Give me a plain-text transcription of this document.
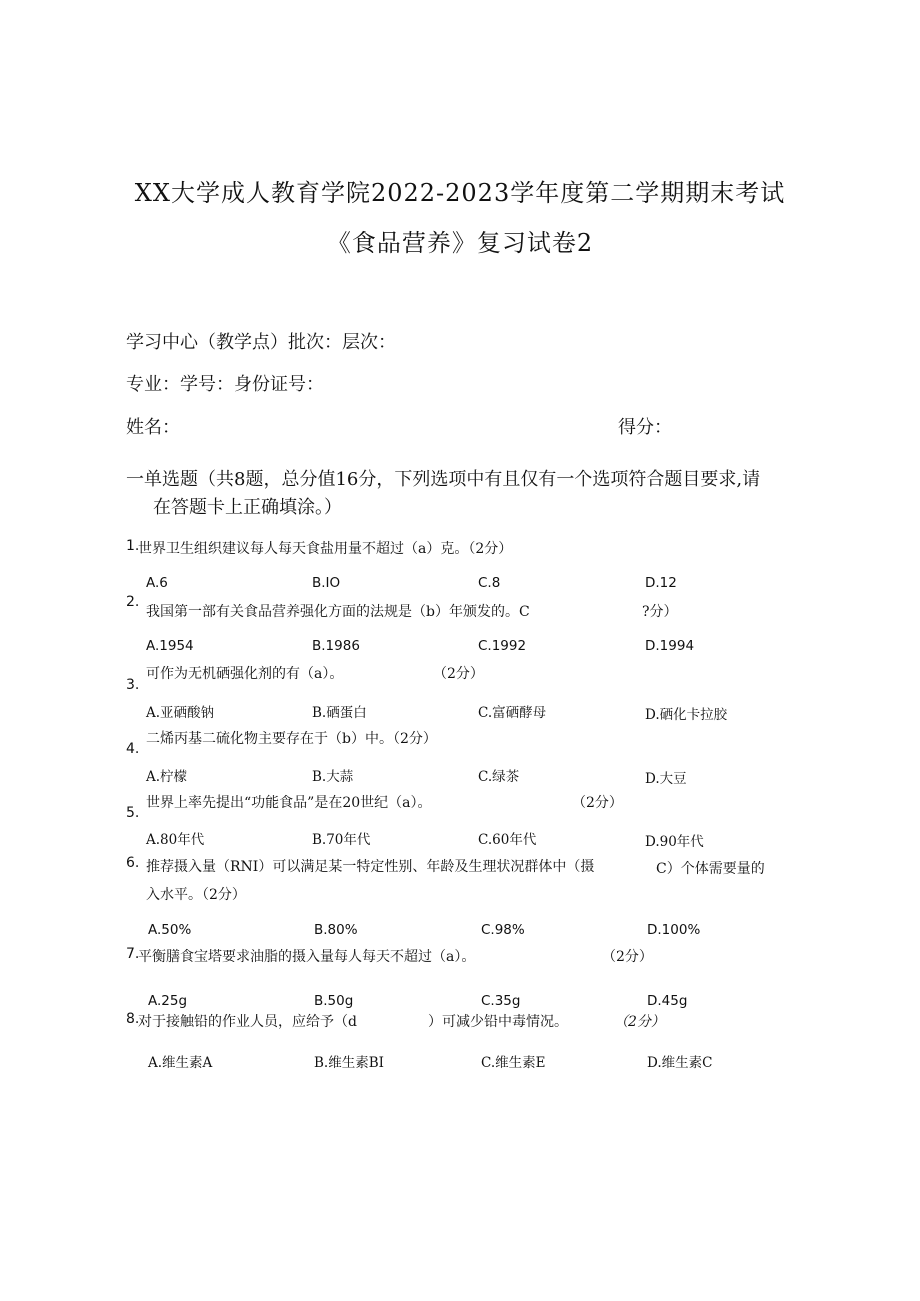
XX大学成人教育学院2022-2023学年度第二学期期末考试
《食品营养》复习试卷2
学习中心（教学点）批次：层次：
专业：学号：身份证号：
姓名：	得分：
一单选题（共8题，总分值16分，下列选项中有且仅有一个选项符合题目要求,请
在答题卡上正确填涂。）
1.
世界卫生组织建议每人每天食盐用量不超过（a）克。（2分）
A.6	B.IO	C.8	D.12
2.
我国第一部有关食品营养强化方面的法规是（b）年颁发的。C	?分）
A.1954	B.1986	C.1992	D.1994
可作为无机硒强化剂的有（a）。	（2分）
3.
A.亚硒酸钠	B.硒蛋白	C.富硒酵母	D.硒化卡拉胶
二烯丙基二硫化物主要存在于（b）中。（2分）
4.
A.柠檬	B.大蒜	C.绿茶	D.大豆
世界上率先提出“功能食品”是在20世纪（a）。	（2分）
5.
A.80年代	B.70年代	C.60年代	D.90年代
6. 推荐摄入量（RNI）可以满足某一特定性别、年龄及生理状况群体中（摄	C）个体需要量的
入水平。（2分）
A.50%	B.80%	C.98%	D.100%
7.
平衡膳食宝塔要求油脂的摄入量每人每天不超过（a）。	（2分）
A.25g	B.50g	C.35g	D.45g
8.
对于接触铅的作业人员，应给予（d	）可减少铅中毒情况。	（2分）
A.维生素A	B.维生素BI	C.维生素E	D.维生素C
